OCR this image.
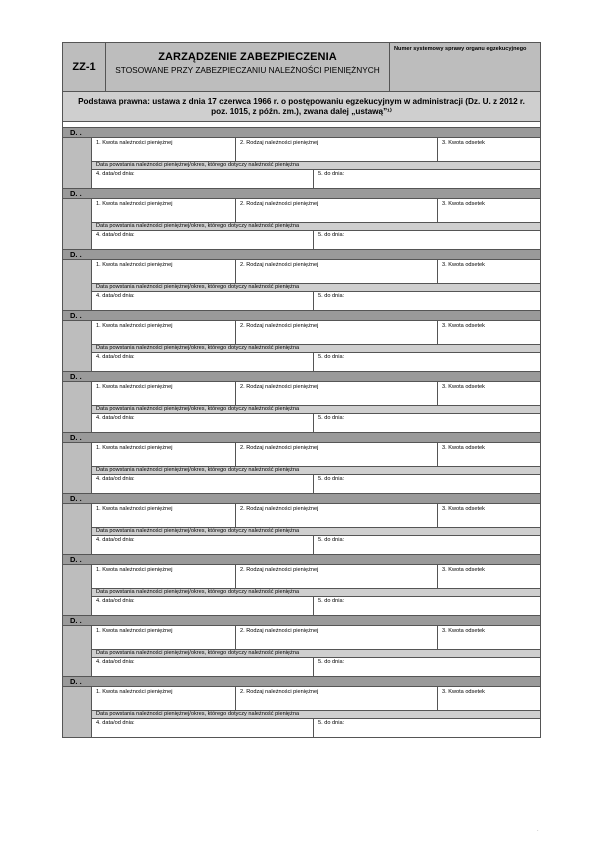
ZZ-1
ZARZĄDZENIE ZABEZPIECZENIA
STOSOWANE PRZY ZABEZPIECZANIU NALEŻNOŚCI PIENIĘŻNYCH
Numer systemowy sprawy organu egzekucyjnego
Podstawa prawna: ustawa z dnia 17 czerwca 1966 r. o postępowaniu egzekucyjnym w administracji (Dz. U. z 2012 r. poz. 1015, z późn. zm.), zwana dalej „ustawą”¹⁾
D. .
1. Kwota należności pieniężnej	2. Rodzaj należności pieniężnej	3. Kwota odsetek
Data powstania należności pieniężnej/okres, którego dotyczy należność pieniężna
4. data/od dnia:	5. do dnia:
D. .
1. Kwota należności pieniężnej	2. Rodzaj należności pieniężnej	3. Kwota odsetek
Data powstania należności pieniężnej/okres, którego dotyczy należność pieniężna
4. data/od dnia:	5. do dnia:
D. .
1. Kwota należności pieniężnej	2. Rodzaj należności pieniężnej	3. Kwota odsetek
Data powstania należności pieniężnej/okres, którego dotyczy należność pieniężna
4. data/od dnia:	5. do dnia:
D. .
1. Kwota należności pieniężnej	2. Rodzaj należności pieniężnej	3. Kwota odsetek
Data powstania należności pieniężnej/okres, którego dotyczy należność pieniężna
4. data/od dnia:	5. do dnia:
D. .
1. Kwota należności pieniężnej	2. Rodzaj należności pieniężnej	3. Kwota odsetek
Data powstania należności pieniężnej/okres, którego dotyczy należność pieniężna
4. data/od dnia:	5. do dnia:
D. .
1. Kwota należności pieniężnej	2. Rodzaj należności pieniężnej	3. Kwota odsetek
Data powstania należności pieniężnej/okres, którego dotyczy należność pieniężna
4. data/od dnia:	5. do dnia:
D. .
1. Kwota należności pieniężnej	2. Rodzaj należności pieniężnej	3. Kwota odsetek
Data powstania należności pieniężnej/okres, którego dotyczy należność pieniężna
4. data/od dnia:	5. do dnia:
D. .
1. Kwota należności pieniężnej	2. Rodzaj należności pieniężnej	3. Kwota odsetek
Data powstania należności pieniężnej/okres, którego dotyczy należność pieniężna
4. data/od dnia:	5. do dnia:
D. .
1. Kwota należności pieniężnej	2. Rodzaj należności pieniężnej	3. Kwota odsetek
Data powstania należności pieniężnej/okres, którego dotyczy należność pieniężna
4. data/od dnia:	5. do dnia:
D. .
1. Kwota należności pieniężnej	2. Rodzaj należności pieniężnej	3. Kwota odsetek
Data powstania należności pieniężnej/okres, którego dotyczy należność pieniężna
4. data/od dnia:	5. do dnia:
·
